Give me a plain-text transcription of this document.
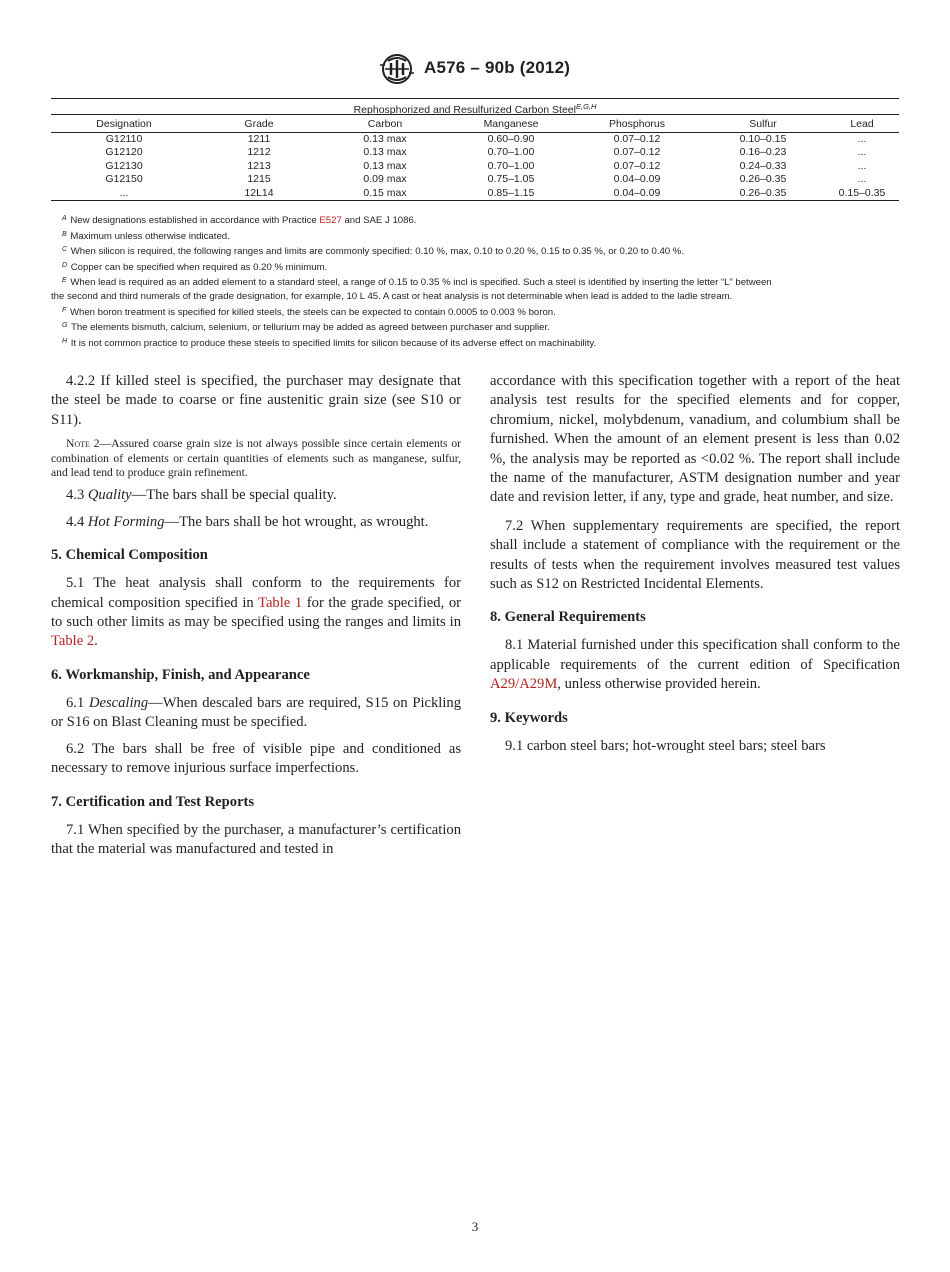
A576 – 90b (2012)
Rephosphorized and Resulfurized Carbon Steel$^{E,G,H}$
Designation	Grade	Carbon	Manganese	Phosphorus	Sulfur	Lead
G12110	1211	0.13 max	0.60–0.90	0.07–0.12	0.10–0.15	...
G12120	1212	0.13 max	0.70–1.00	0.07–0.12	0.16–0.23	...
G12130	1213	0.13 max	0.70–1.00	0.07–0.12	0.24–0.33	...
G12150	1215	0.09 max	0.75–1.05	0.04–0.09	0.26–0.35	...
...	12L14	0.15 max	0.85–1.15	0.04–0.09	0.26–0.35	0.15–0.35
$^A$ New designations established in accordance with Practice E527 and SAE J 1086.
$^B$ Maximum unless otherwise indicated.
$^C$ When silicon is required, the following ranges and limits are commonly specified: 0.10 %, max, 0.10 to 0.20 %, 0.15 to 0.35 %, or 0.20 to 0.40 %.
$^D$ Copper can be specified when required as 0.20 % minimum.
$^E$ When lead is required as an added element to a standard steel, a range of 0.15 to 0.35 % incl is specified. Such a steel is identified by inserting the letter “L” between
the second and third numerals of the grade designation, for example, 10 L 45. A cast or heat analysis is not determinable when lead is added to the ladle stream.
$^F$ When boron treatment is specified for killed steels, the steels can be expected to contain 0.0005 to 0.003 % boron.
$^G$ The elements bismuth, calcium, selenium, or tellurium may be added as agreed between purchaser and supplier.
$^H$ It is not common practice to produce these steels to specified limits for silicon because of its adverse effect on machinability.

4.2.2 If killed steel is specified, the purchaser may designate that the steel be made to coarse or fine austenitic grain size (see S10 or S11).

Note 2—Assured coarse grain size is not always possible since certain elements or combination of elements or certain quantities of elements such as manganese, sulfur, and lead tend to produce grain refinement.

4.3 Quality—The bars shall be special quality.

4.4 Hot Forming—The bars shall be hot wrought, as wrought.

5. Chemical Composition

5.1 The heat analysis shall conform to the requirements for chemical composition specified in Table 1 for the grade specified, or to such other limits as may be specified using the ranges and limits in Table 2.

6. Workmanship, Finish, and Appearance

6.1 Descaling—When descaled bars are required, S15 on Pickling or S16 on Blast Cleaning must be specified.

6.2 The bars shall be free of visible pipe and conditioned as necessary to remove injurious surface imperfections.

7. Certification and Test Reports

7.1 When specified by the purchaser, a manufacturer’s certification that the material was manufactured and tested in

accordance with this specification together with a report of the heat analysis test results for the specified elements and for copper, chromium, nickel, molybdenum, vanadium, and columbium shall be furnished. When the amount of an element present is less than 0.02 %, the analysis may be reported as <0.02 %. The report shall include the name of the manufacturer, ASTM designation number and year date and revision letter, if any, type and grade, heat number, and size.

7.2 When supplementary requirements are specified, the report shall include a statement of compliance with the requirement or the results of tests when the requirement involves measured test values such as S12 on Restricted Incidental Elements.

8. General Requirements

8.1 Material furnished under this specification shall conform to the applicable requirements of the current edition of Specification A29/A29M, unless otherwise provided herein.

9. Keywords

9.1 carbon steel bars; hot-wrought steel bars; steel bars

3
